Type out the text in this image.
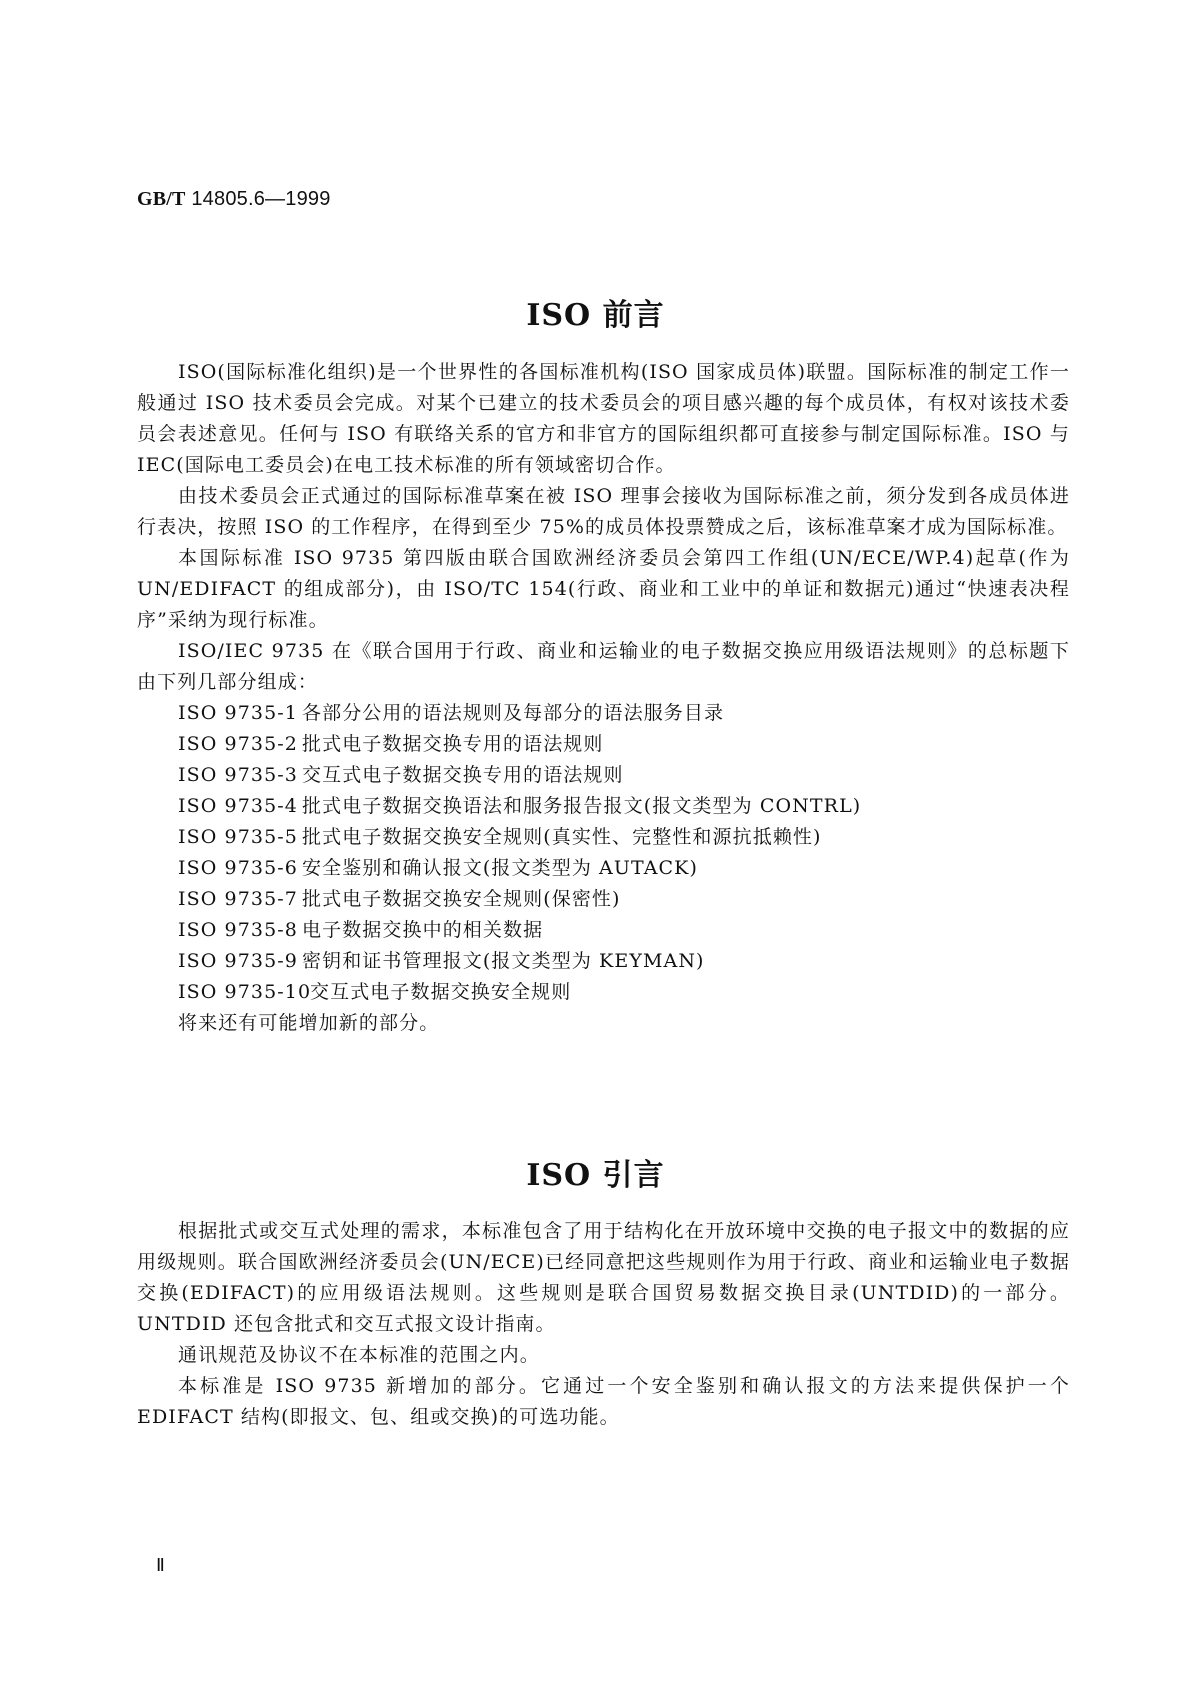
GB/T 14805.6—1999
ISO 前言

ISO(国际标准化组织)是一个世界性的各国标准机构(ISO 国家成员体)联盟。国际标准的制定工作一般通过 ISO 技术委员会完成。对某个已建立的技术委员会的项目感兴趣的每个成员体，有权对该技术委员会表述意见。任何与 ISO 有联络关系的官方和非官方的国际组织都可直接参与制定国际标准。ISO 与 IEC(国际电工委员会)在电工技术标准的所有领域密切合作。

由技术委员会正式通过的国际标准草案在被 ISO 理事会接收为国际标准之前，须分发到各成员体进行表决，按照 ISO 的工作程序，在得到至少 75%的成员体投票赞成之后，该标准草案才成为国际标准。

本国际标准 ISO 9735 第四版由联合国欧洲经济委员会第四工作组(UN/ECE/WP.4)起草(作为UN/EDIFACT 的组成部分)，由 ISO/TC 154(行政、商业和工业中的单证和数据元)通过“快速表决程序”采纳为现行标准。

ISO/IEC 9735 在《联合国用于行政、商业和运输业的电子数据交换应用级语法规则》的总标题下由下列几部分组成：

ISO 9735-1 各部分公用的语法规则及每部分的语法服务目录
ISO 9735-2 批式电子数据交换专用的语法规则
ISO 9735-3 交互式电子数据交换专用的语法规则
ISO 9735-4 批式电子数据交换语法和服务报告报文(报文类型为 CONTRL)
ISO 9735-5 批式电子数据交换安全规则(真实性、完整性和源抗抵赖性)
ISO 9735-6 安全鉴别和确认报文(报文类型为 AUTACK)
ISO 9735-7 批式电子数据交换安全规则(保密性)
ISO 9735-8 电子数据交换中的相关数据
ISO 9735-9 密钥和证书管理报文(报文类型为 KEYMAN)
ISO 9735-10交互式电子数据交换安全规则
将来还有可能增加新的部分。
ISO 引言

根据批式或交互式处理的需求，本标准包含了用于结构化在开放环境中交换的电子报文中的数据的应用级规则。联合国欧洲经济委员会(UN/ECE)已经同意把这些规则作为用于行政、商业和运输业电子数据交换(EDIFACT)的应用级语法规则。这些规则是联合国贸易数据交换目录(UNTDID)的一部分。UNTDID 还包含批式和交互式报文设计指南。

通讯规范及协议不在本标准的范围之内。

本标准是 ISO 9735 新增加的部分。它通过一个安全鉴别和确认报文的方法来提供保护一个 EDIFACT 结构(即报文、包、组或交换)的可选功能。

Ⅱ
